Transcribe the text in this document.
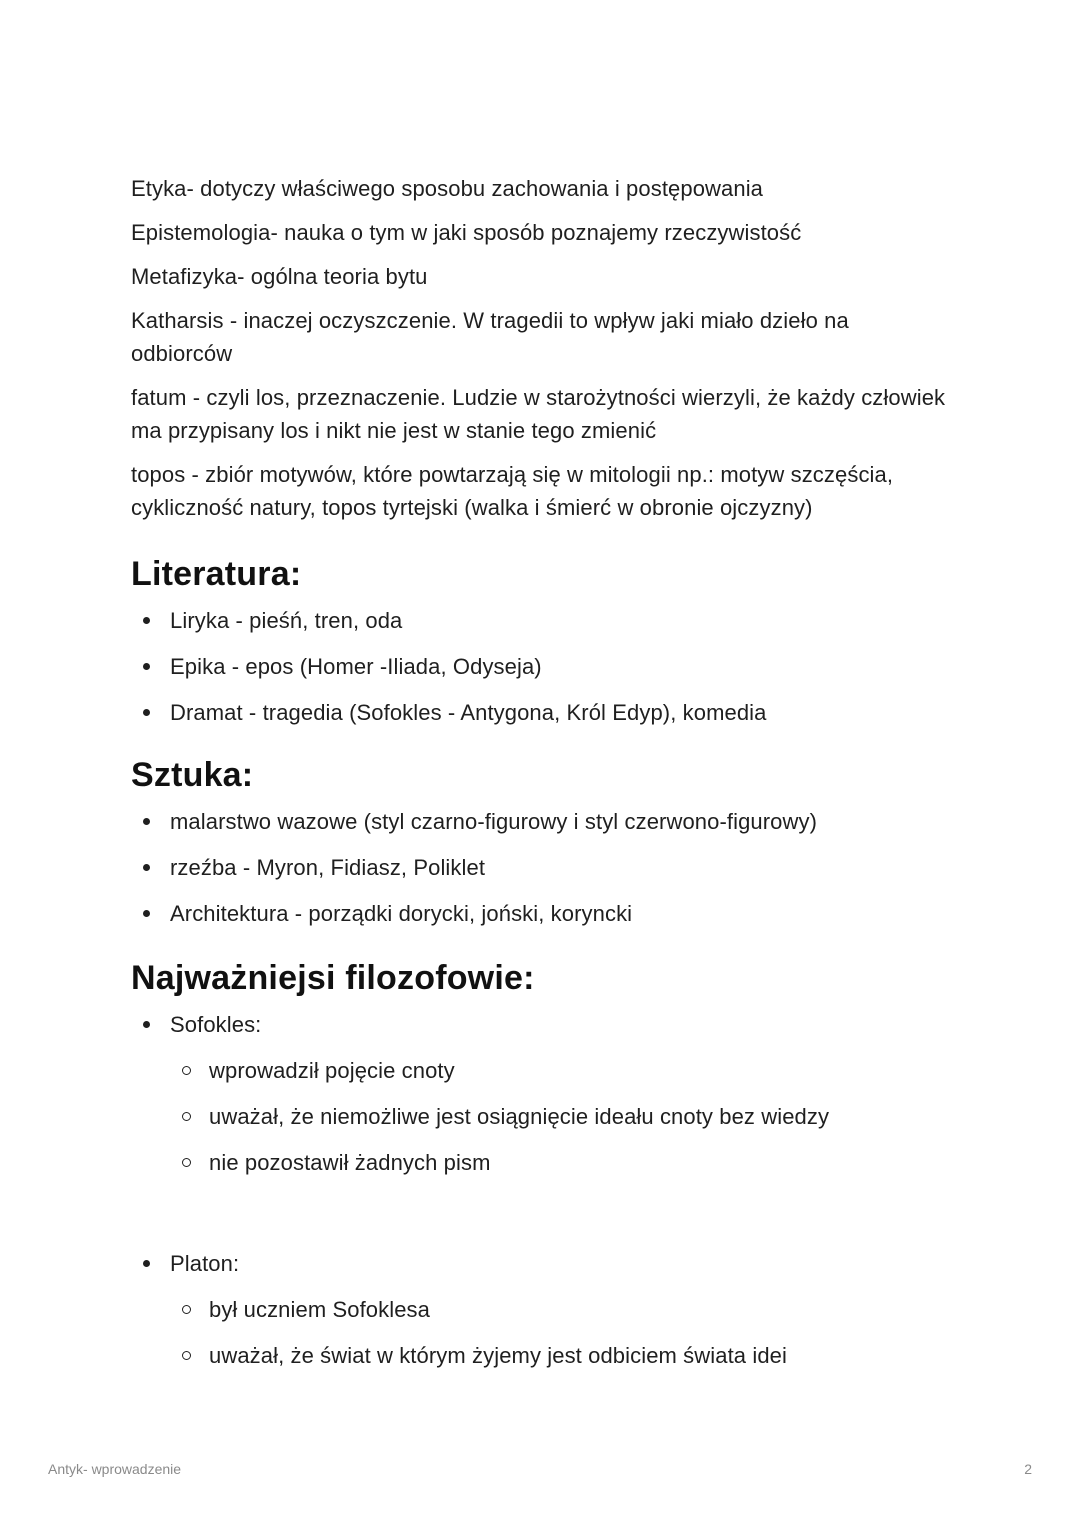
Etyka- dotyczy właściwego sposobu zachowania i postępowania

Epistemologia- nauka o tym w jaki sposób poznajemy rzeczywistość

Metafizyka- ogólna teoria bytu

Katharsis - inaczej oczyszczenie. W tragedii to wpływ jaki miało dzieło na odbiorców

fatum - czyli los, przeznaczenie. Ludzie w starożytności wierzyli, że każdy człowiek ma przypisany los i nikt nie jest w stanie tego zmienić

topos - zbiór motywów, które powtarzają się w mitologii np.: motyw szczęścia, cykliczność natury, topos tyrtejski (walka i śmierć w obronie ojczyzny)

Literatura:
Liryka - pieśń, tren, oda
Epika - epos (Homer -Iliada, Odyseja)
Dramat - tragedia (Sofokles - Antygona, Król Edyp), komedia
Sztuka:
malarstwo wazowe (styl czarno-figurowy i styl czerwono-figurowy)
rzeźba - Myron, Fidiasz, Poliklet
Architektura - porządki dorycki, joński, koryncki
Najważniejsi filozofowie:
Sofokles:
wprowadził pojęcie cnoty
uważał, że niemożliwe jest osiągnięcie ideału cnoty bez wiedzy
nie pozostawił żadnych pism
Platon:
był uczniem Sofoklesa
uważał, że świat w którym żyjemy jest odbiciem świata idei
Antyk- wprowadzenie	2
